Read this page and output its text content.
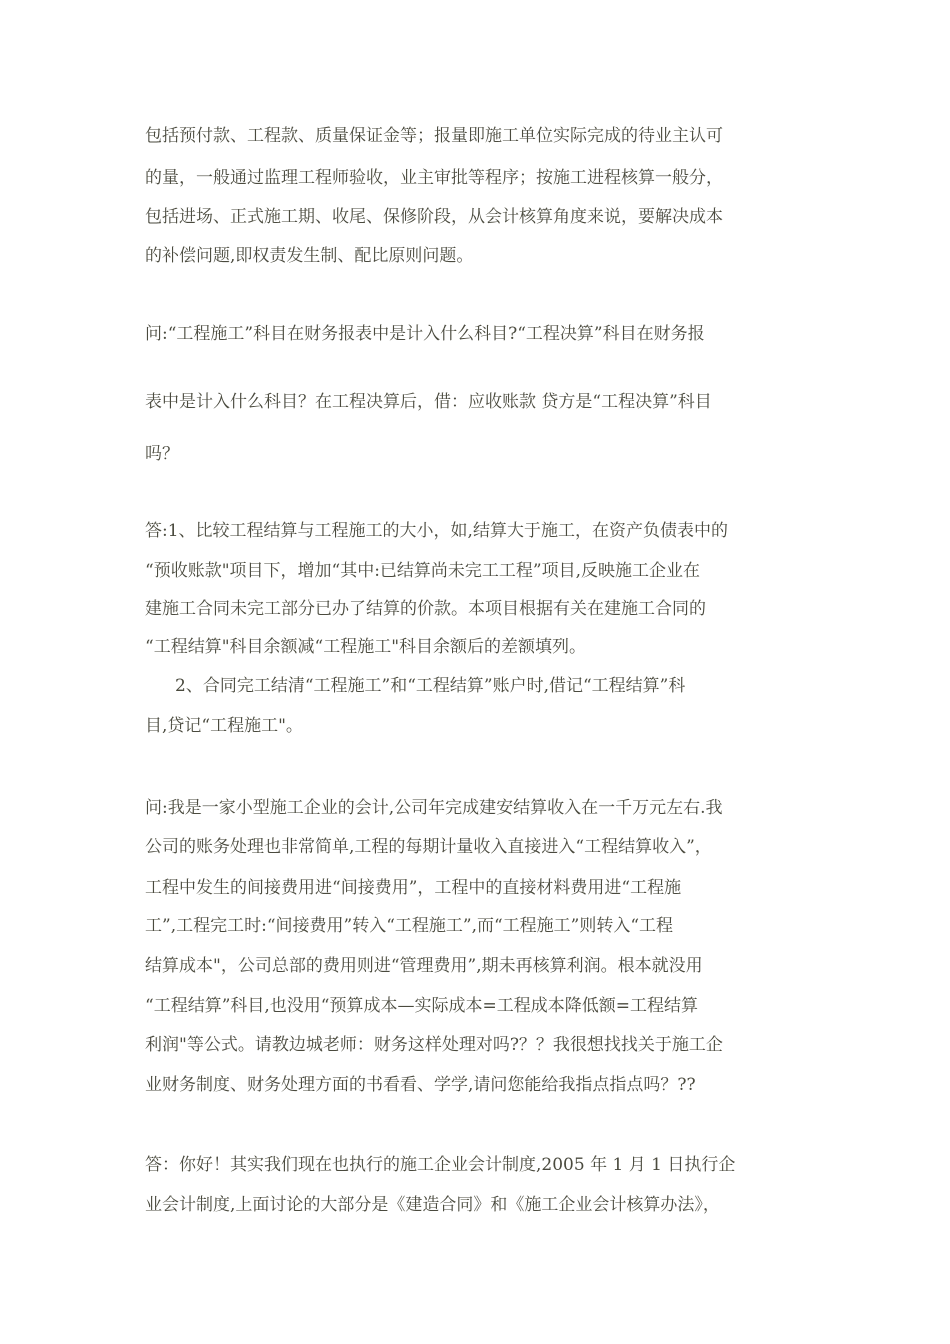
包括预付款、工程款、质量保证金等；报量即施工单位实际完成的待业主认可

的量，一般通过监理工程师验收，业主审批等程序；按施工进程核算一般分，

包括进场、正式施工期、收尾、保修阶段，从会计核算角度来说，要解决成本

的补偿问题,即权责发生制、配比原则问题。

问:“工程施工”科目在财务报表中是计入什么科目?“工程决算”科目在财务报

表中是计入什么科目？在工程决算后，借：应收账款 贷方是“工程决算”科目

吗？

答:1、比较工程结算与工程施工的大小，如,结算大于施工，在资产负债表中的

“预收账款"项目下，增加“其中:已结算尚未完工工程”项目,反映施工企业在

建施工合同未完工部分已办了结算的价款。本项目根据有关在建施工合同的

“工程结算"科目余额减“工程施工"科目余额后的差额填列。

2、合同完工结清“工程施工”和“工程结算”账户时,借记“工程结算”科

目,贷记“工程施工"。

问:我是一家小型施工企业的会计,公司年完成建安结算收入在一千万元左右.我

公司的账务处理也非常简单,工程的每期计量收入直接进入“工程结算收入”，

工程中发生的间接费用进“间接费用”，工程中的直接材料费用进“工程施

工”,工程完工时:“间接费用”转入“工程施工”,而“工程施工”则转入“工程

结算成本"，公司总部的费用则进“管理费用”,期未再核算利润。根本就没用

“工程结算”科目,也没用“预算成本—实际成本=工程成本降低额=工程结算

利润"等公式。请教边城老师：财务这样处理对吗?？？我很想找找关于施工企

业财务制度、财务处理方面的书看看、学学,请问您能给我指点指点吗？??

答：你好！其实我们现在也执行的施工企业会计制度,2005 年 1 月 1 日执行企

业会计制度,上面讨论的大部分是《建造合同》和《施工企业会计核算办法》，
